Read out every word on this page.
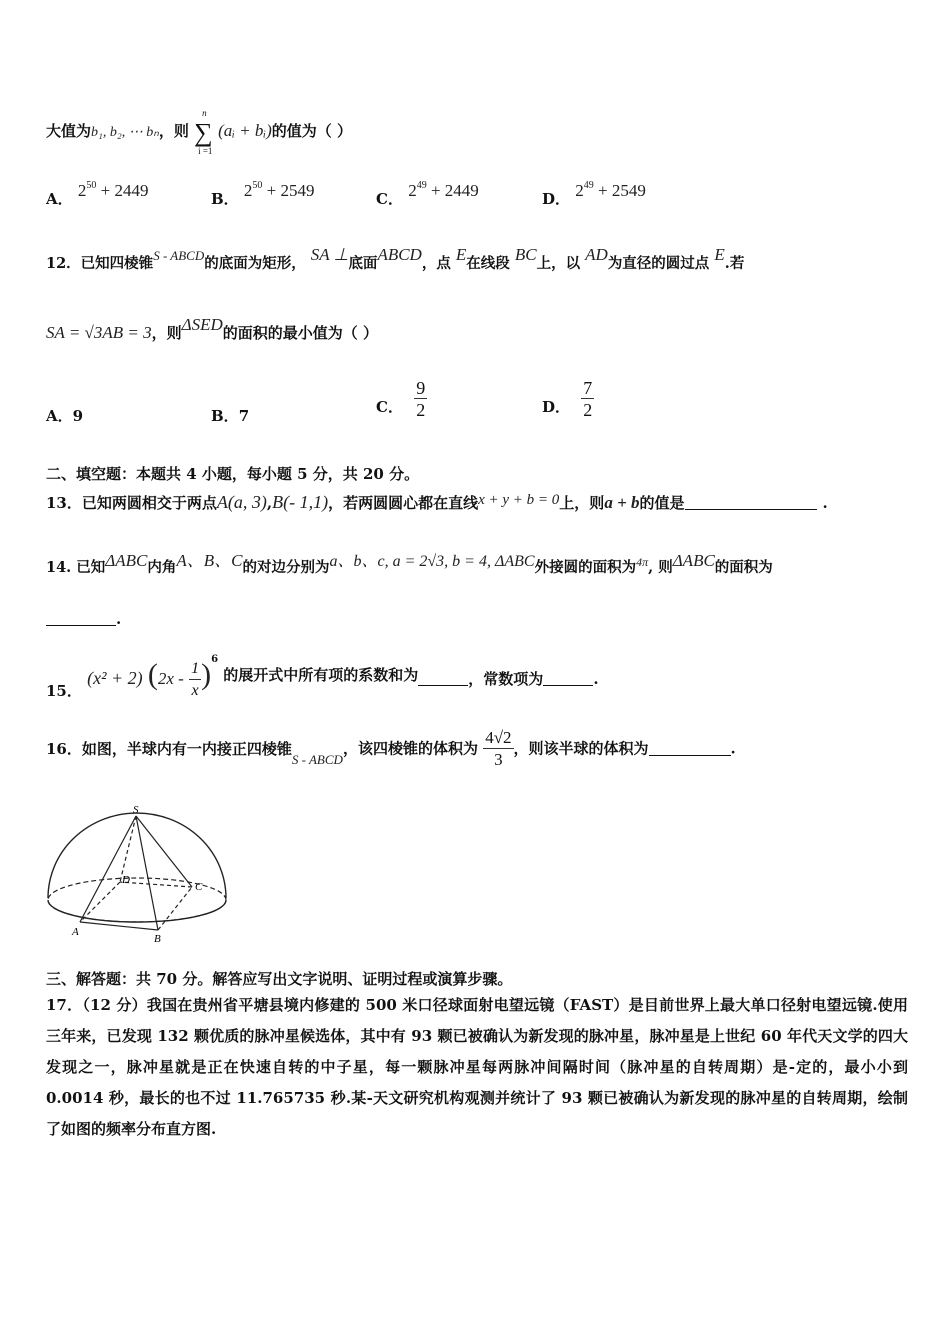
大值为b₁, b₂, ⋯ bₙ，则
n
∑
i =1
(aᵢ + bᵢ)的值为（ ）
A． $2^{50} + 2449$	B． $2^{50} + 2549$	C． $2^{49} + 2449$	D． $2^{49} + 2549$
12．已知四棱锥S - ABCD的底面为矩形， SA ⊥底面ABCD，点 E在线段 BC上，以 AD为直径的圆过点 E.若
SA = √3AB = 3，则ΔSED的面积的最小值为（ ）
A．9	B．7
C． $\frac{9}{2}$	D． $\frac{7}{2}$
二、填空题：本题共 4 小题，每小题 5 分，共 20 分。
13．已知两圆相交于两点A(a, 3),B(- 1,1)，若两圆圆心都在直线x + y + b = 0上，则a + b的值是	.
14. 已知ΔABC内角A、B、C的对边分别为a、b、c, a = 2√3, b = 4, ΔABC外接圆的面积为$^{4\pi}$, 则ΔABC的面积为
.
15． (x² + 2) $(2x - \frac{1}{x} )^6$ 的展开式中所有项的系数和为	，常数项为	.
16．如图，半球内有一内接正四棱锥S - ABCD，该四棱锥的体积为 $\frac{4√2}{3}$ ，则该半球的体积为	.
S
D
C
A
B
三、解答题：共 70 分。解答应写出文字说明、证明过程或演算步骤。
17．（12 分）我国在贵州省平塘县境内修建的 500 米口径球面射电望远镜（FAST）是目前世界上最大单口径射电望远镜.使用三年来，已发现 132 颗优质的脉冲星候选体，其中有 93 颗已被确认为新发现的脉冲星，脉冲星是上世纪 60 年代天文学的四大发现之一，脉冲星就是正在快速自转的中子星，每一颗脉冲星每两脉冲间隔时间（脉冲星的自转周期）是-定的，最小小到 0.0014 秒，最长的也不过 11.765735 秒.某-天文研究机构观测并统计了 93 颗已被确认为新发现的脉冲星的自转周期，绘制了如图的频率分布直方图.
